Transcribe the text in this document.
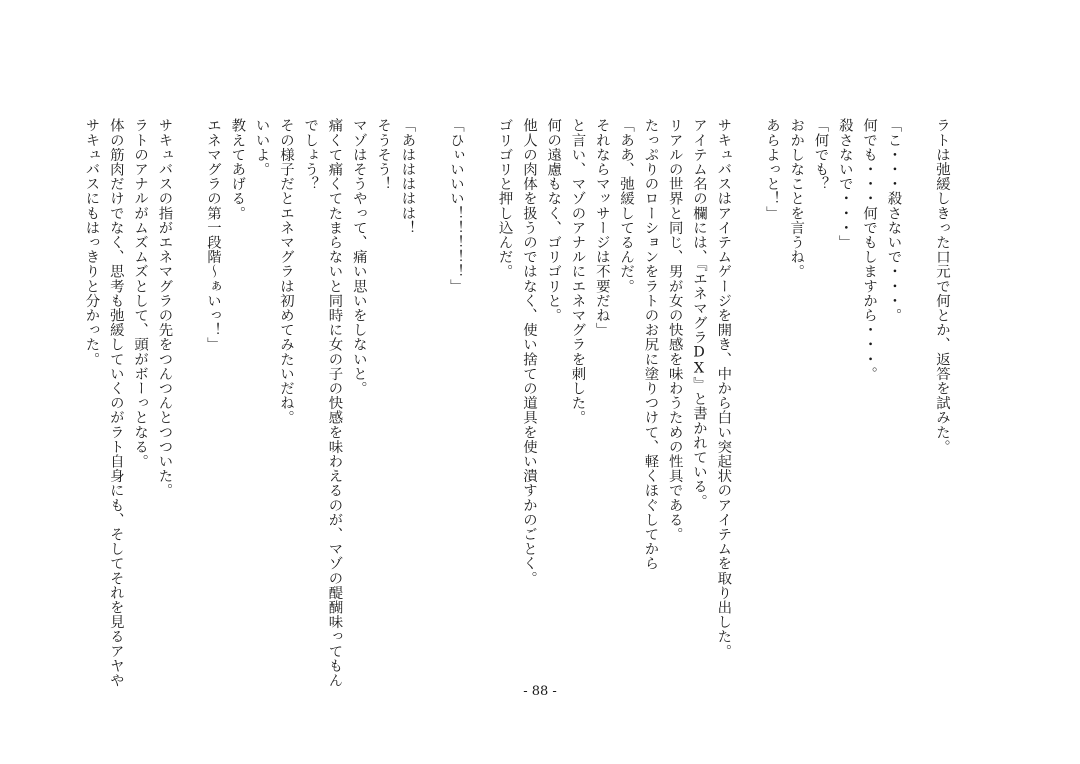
ラトは弛緩しきった口元で何とか、返答を試みた。
「こ・・・殺さないで・・・。
何でも・・・何でもしますから・・・。
殺さないで・・・」
「何でも？
おかしなことを言うね。
あらよっと！」
サキュバスはアイテムゲージを開き、中から白い突起状のアイテムを取り出した。
アイテム名の欄には、『エネマグラDX』と書かれている。
リアルの世界と同じ、男が女の快感を味わうための性具である。
たっぷりのローションをラトのお尻に塗りつけて、軽くほぐしてから
「ああ、弛緩してるんだ。
それならマッサージは不要だね」
と言い、マゾのアナルにエネマグラを刺した。
何の遠慮もなく、ゴリゴリと。
他人の肉体を扱うのではなく、使い捨ての道具を使い潰すかのごとく。
ゴリゴリと押し込んだ。
「ひぃいいい！！！！！」
「あははははは！
そうそう！
マゾはそうやって、痛い思いをしないと。
痛くて痛くてたまらないと同時に女の子の快感を味わえるのが、マゾの醍醐味ってもん
でしょう？
その様子だとエネマグラは初めてみたいだね。
いいよ。
教えてあげる。
エネマグラの第一段階～ぁいっ！」
サキュバスの指がエネマグラの先をつんつんとつついた。
ラトのアナルがムズムズとして、頭がボーっとなる。
体の筋肉だけでなく、思考も弛緩していくのがラト自身にも、そしてそれを見るアヤや
サキュバスにもはっきりと分かった。
- 88 -
